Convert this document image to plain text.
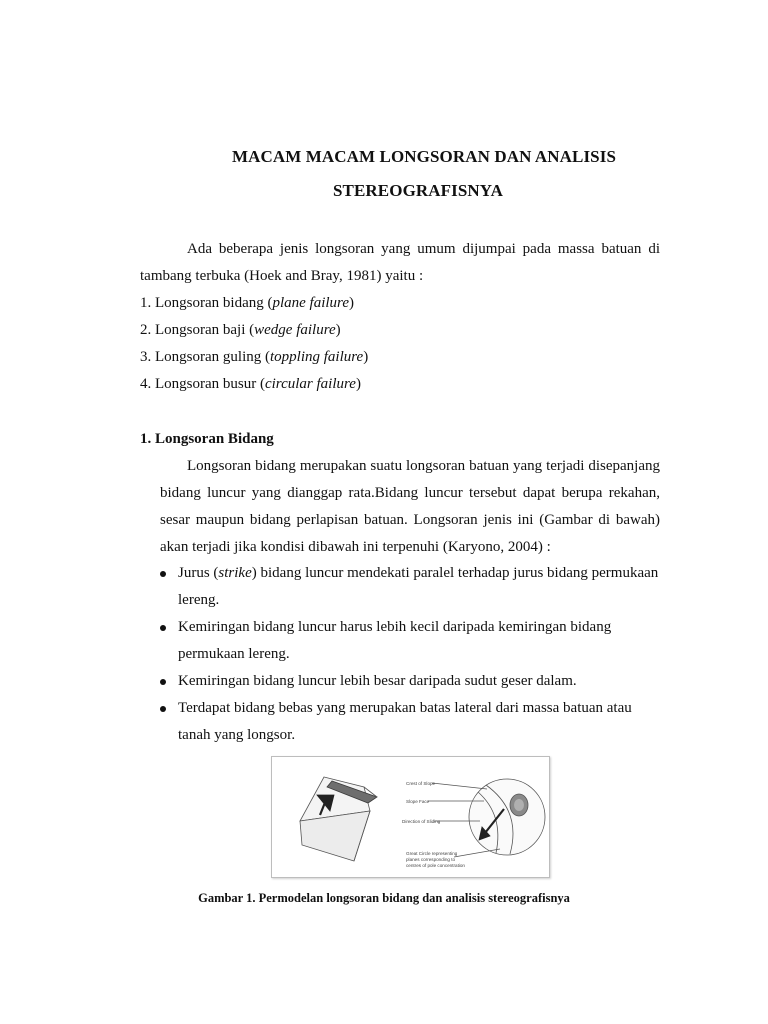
MACAM MACAM LONGSORAN DAN ANALISIS
STEREOGRAFISNYA
Ada beberapa jenis longsoran yang umum dijumpai pada massa batuan di
tambang terbuka (Hoek and Bray, 1981) yaitu :
1. Longsoran bidang (plane failure)
2. Longsoran baji (wedge failure)
3. Longsoran guling (toppling failure)
4. Longsoran busur (circular failure)
1. Longsoran Bidang
Longsoran bidang merupakan suatu longsoran batuan yang terjadi disepanjang
bidang luncur yang dianggap rata.Bidang luncur tersebut dapat berupa rekahan,
sesar maupun bidang perlapisan batuan. Longsoran jenis ini (Gambar di bawah)
akan terjadi jika kondisi dibawah ini terpenuhi (Karyono, 2004) :
Jurus (strike) bidang luncur mendekati paralel terhadap jurus bidang permukaan
lereng.
Kemiringan bidang luncur harus lebih kecil daripada kemiringan bidang
permukaan lereng.
Kemiringan bidang luncur lebih besar daripada sudut geser dalam.
Terdapat bidang bebas yang merupakan batas lateral dari massa batuan atau
tanah yang longsor.
Crest of Slope
Slope Face
Direction of Sliding
Great Circle representing
planes corresponding to
centres of pole concentration
Gambar 1. Permodelan longsoran bidang dan analisis stereografisnya
